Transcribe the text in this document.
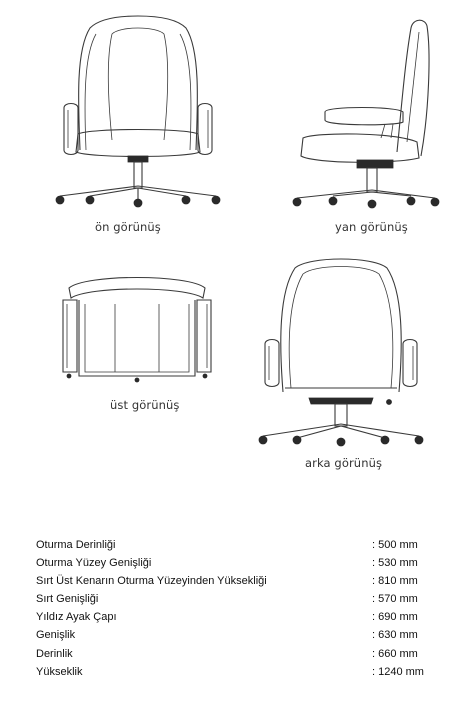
ön görünüş	yan görünüş
üst görünüş
arka görünüş
Oturma Derinliği	: 500 mm
Oturma Yüzey Genişliği	: 530 mm
Sırt Üst Kenarın Oturma Yüzeyinden Yüksekliği	: 810 mm
Sırt Genişliği	: 570 mm
Yıldız Ayak Çapı	: 690 mm
Genişlik	: 630 mm
Derinlik	: 660 mm
Yükseklik	: 1240 mm
